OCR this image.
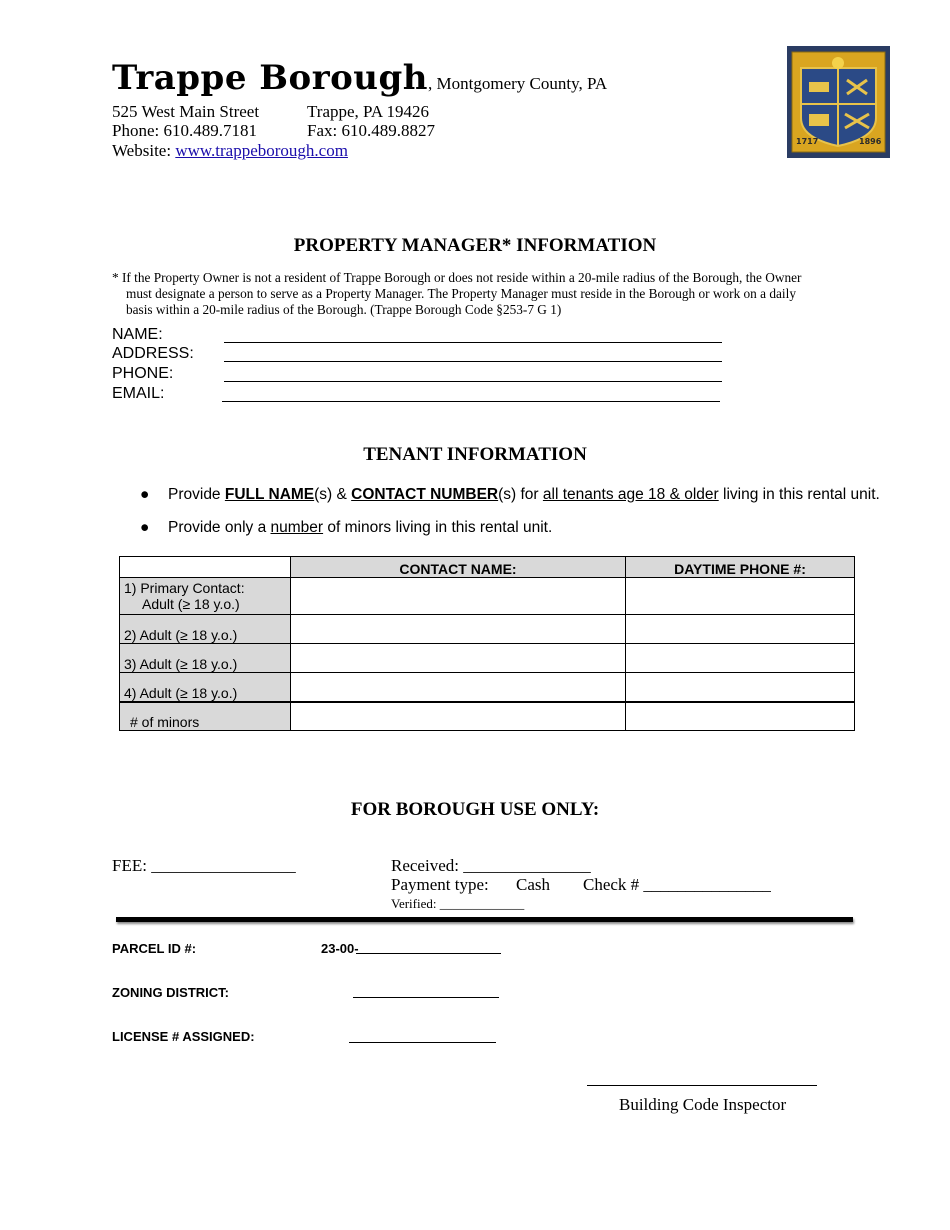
Trappe Borough, Montgomery County, PA
525 West Main Street	Trappe, PA 19426
Phone: 610.489.7181	Fax: 610.489.8827
Website: www.trappeborough.com	1717	1896
PROPERTY MANAGER* INFORMATION
* If the Property Owner is not a resident of Trappe Borough or does not reside within a 20-mile radius of the Borough, the Owner
must designate a person to serve as a Property Manager. The Property Manager must reside in the Borough or work on a daily
basis within a 20-mile radius of the Borough. (Trappe Borough Code §253-7 G 1)
NAME:
ADDRESS:
PHONE:
EMAIL:
TENANT INFORMATION
● Provide FULL NAME(s) & CONTACT NUMBER(s) for all tenants age 18 & older living in this rental unit.
● Provide only a number of minors living in this rental unit.
	CONTACT NAME:	DAYTIME PHONE #:

1) Primary Contact:
Adult (≥ 18 y.o.)		

2) Adult (≥ 18 y.o.)		
3) Adult (≥ 18 y.o.)		
4) Adult (≥ 18 y.o.)		
# of minors		
FOR BOROUGH USE ONLY:
FEE: _________________	Received: _______________
Payment type: Cash Check # _______________
Verified: _____________
PARCEL ID #:	23-00-
ZONING DISTRICT:
LICENSE # ASSIGNED:
Building Code Inspector
